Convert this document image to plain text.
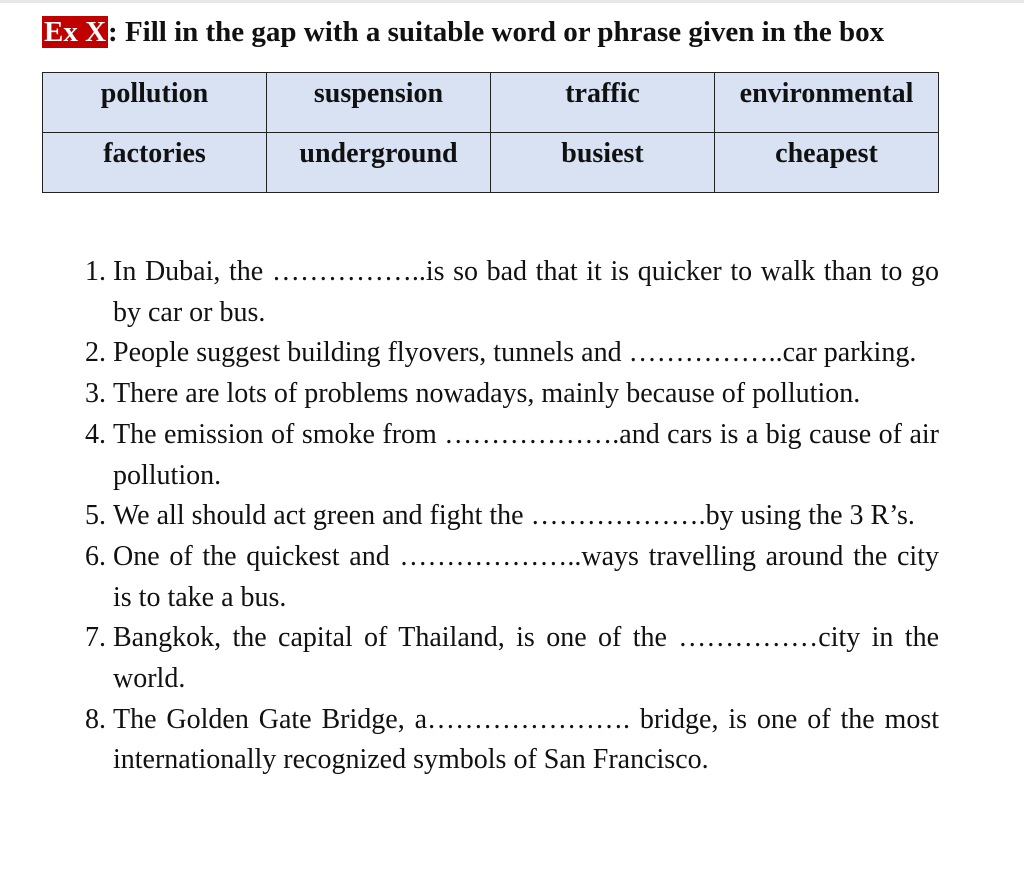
Ex X: Fill in the gap with a suitable word or phrase given in the box
pollution	suspension	traffic	environmental
factories	underground	busiest	cheapest
1. In Dubai, the ……………..is so bad that it is quicker to walk than to go by car or bus.
2. People suggest building flyovers, tunnels and ……………..car parking.
3. There are lots of problems nowadays, mainly because of pollution.
4. The emission of smoke from ……………….and cars is a big cause of air pollution.
5. We all should act green and fight the ……………….by using the 3 R’s.
6. One of the quickest and ………………..ways travelling around the city is to take a bus.
7. Bangkok, the capital of Thailand, is one of the ……………city in the world.
8. The Golden Gate Bridge, a…………………. bridge, is one of the most internationally recognized symbols of San Francisco.
